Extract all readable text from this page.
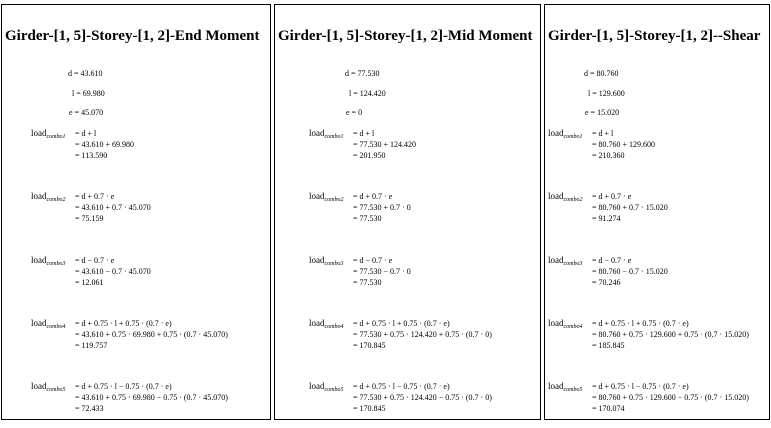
Girder-[1, 5]-Storey-[1, 2]-End Moment
d = 43.610
l = 69.980
e = 45.070
load$_{combo1}$ = d + l
= 43.610 + 69.980
= 113.590
load$_{combo2}$ = d + 0.7 · e
= 43.610 + 0.7 · 45.070
= 75.159
load$_{combo3}$ = d − 0.7 · e
= 43.610 − 0.7 · 45.070
= 12.061
load$_{combo4}$ = d + 0.75 · l + 0.75 · (0.7 · e)
= 43.610 + 0.75 · 69.980 + 0.75 · (0.7 · 45.070)
= 119.757
load$_{combo5}$ = d + 0.75 · l − 0.75 · (0.7 · e)
= 43.610 + 0.75 · 69.980 − 0.75 · (0.7 · 45.070)
= 72.433
Girder-[1, 5]-Storey-[1, 2]-Mid Moment
d = 77.530
l = 124.420
e = 0
load$_{combo1}$ = d + l
= 77.530 + 124.420
= 201.950
load$_{combo2}$ = d + 0.7 · e
= 77.530 + 0.7 · 0
= 77.530
load$_{combo3}$ = d − 0.7 · e
= 77.530 − 0.7 · 0
= 77.530
load$_{combo4}$ = d + 0.75 · l + 0.75 · (0.7 · e)
= 77.530 + 0.75 · 124.420 + 0.75 · (0.7 · 0)
= 170.845
load$_{combo5}$ = d + 0.75 · l − 0.75 · (0.7 · e)
= 77.530 + 0.75 · 124.420 − 0.75 · (0.7 · 0)
= 170.845
Girder-[1, 5]-Storey-[1, 2]--Shear
d = 80.760
l = 129.600
e = 15.020
load$_{combo1}$ = d + l
= 80.760 + 129.600
= 210.360
load$_{combo2}$ = d + 0.7 · e
= 80.760 + 0.7 · 15.020
= 91.274
load$_{combo3}$ = d − 0.7 · e
= 80.760 − 0.7 · 15.020
= 70.246
load$_{combo4}$ = d + 0.75 · l + 0.75 · (0.7 · e)
= 80.760 + 0.75 · 129.600 + 0.75 · (0.7 · 15.020)
= 185.845
load$_{combo5}$ = d + 0.75 · l − 0.75 · (0.7 · e)
= 80.760 + 0.75 · 129.600 − 0.75 · (0.7 · 15.020)
= 170.074
